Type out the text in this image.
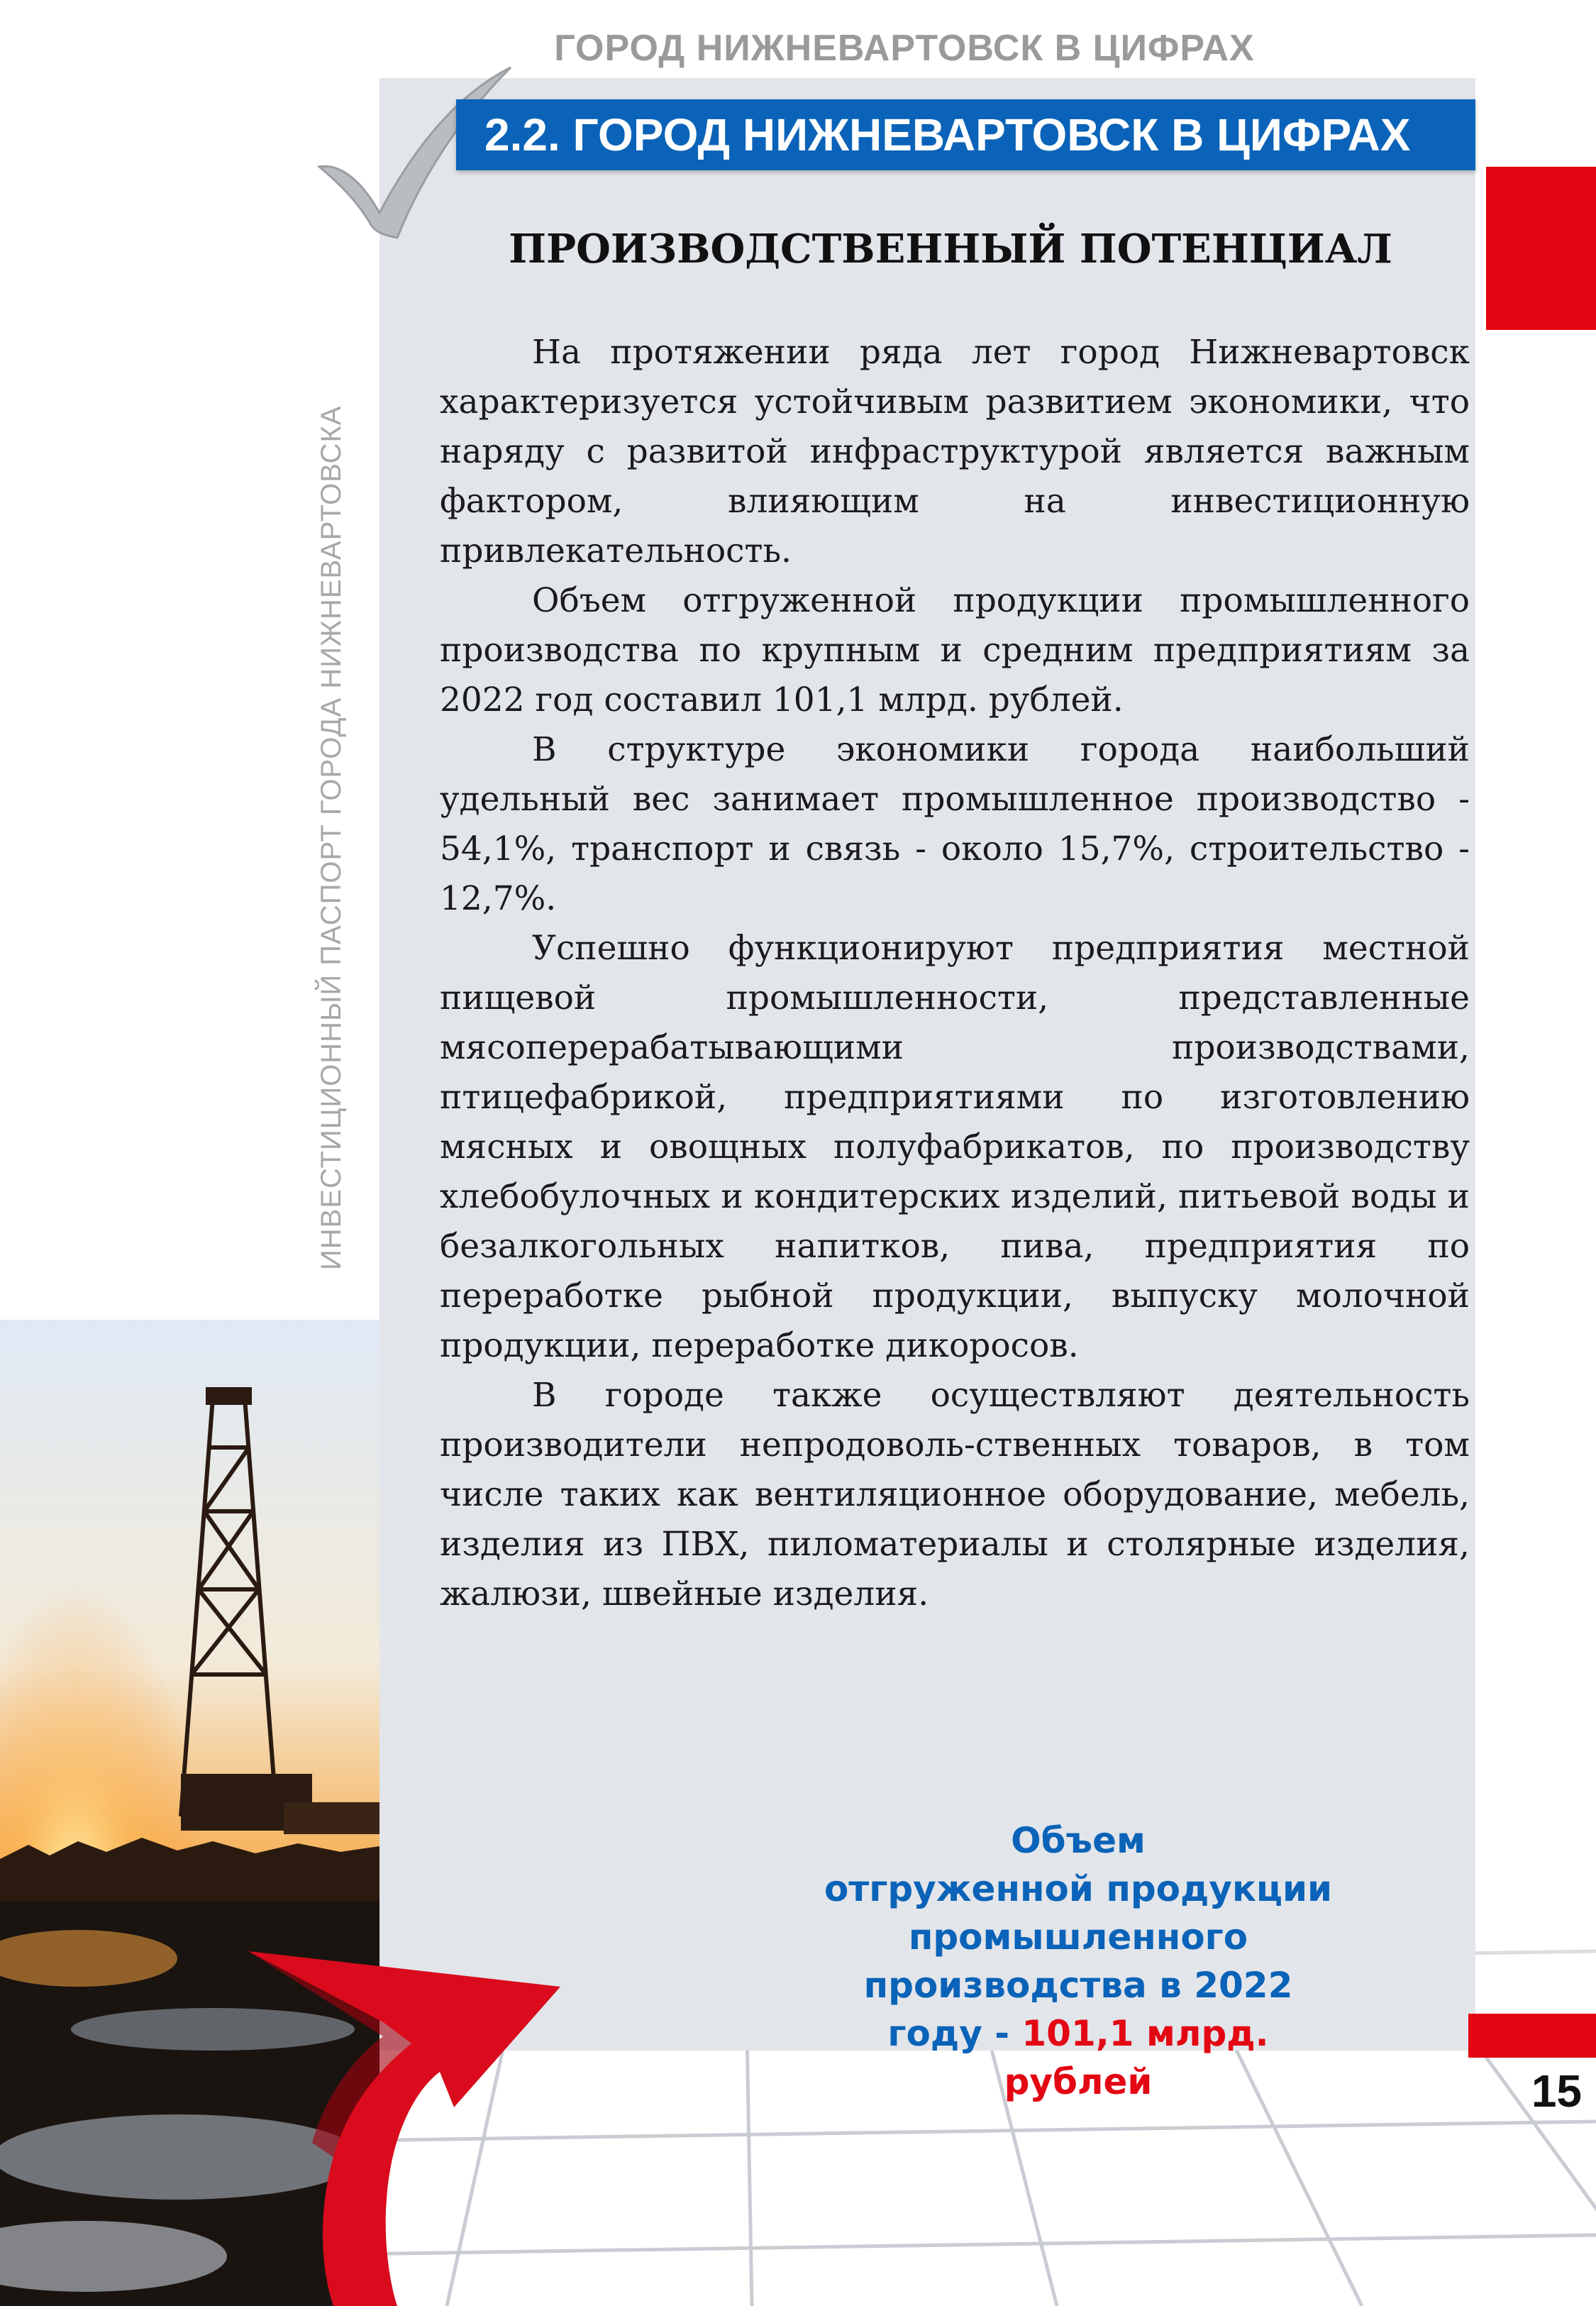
ГОРОД НИЖНЕВАРТОВСК В ЦИФРАХ
2.2. ГОРОД НИЖНЕВАРТОВСК В ЦИФРАХ
ИНВЕСТИЦИОННЫЙ ПАСПОРТ ГОРОДА НИЖНЕВАРТОВСКА
ПРОИЗВОДСТВЕННЫЙ ПОТЕНЦИАЛ

На протяжении ряда лет город Нижневартовск характеризуется устойчивым развитием экономики, что наряду с развитой инфраструктурой является важным фактором, влияющим на инвестиционную привлекательность.

Объем отгруженной продукции промышленного производства по крупным и средним предприятиям за 2022 год составил 101,1 млрд. рублей.

В структуре экономики города наибольший удельный вес занимает промышленное производство - 54,1%, транспорт и связь - около 15,7%, строительство - 12,7%.

Успешно функционируют предприятия местной пищевой промышленности, представленные мясоперерабатывающими производствами, птицефабрикой, предприятиями по изготовлению мясных и овощных полуфабрикатов, по производству хлебобулочных и кондитерских изделий, питьевой воды и безалкогольных напитков, пива, предприятия по переработке рыбной продукции, выпуску молочной продукции, переработке дикоросов.

В городе также осуществляют деятельность производители непродоволь-ственных товаров, в том числе таких как вентиляционное оборудование, мебель, изделия из ПВХ, пиломатериалы и столярные изделия, жалюзи, швейные изделия.

Объем
отгруженной продукции
промышленного
производства в 2022
году - 101,1 млрд.
рублей	15
